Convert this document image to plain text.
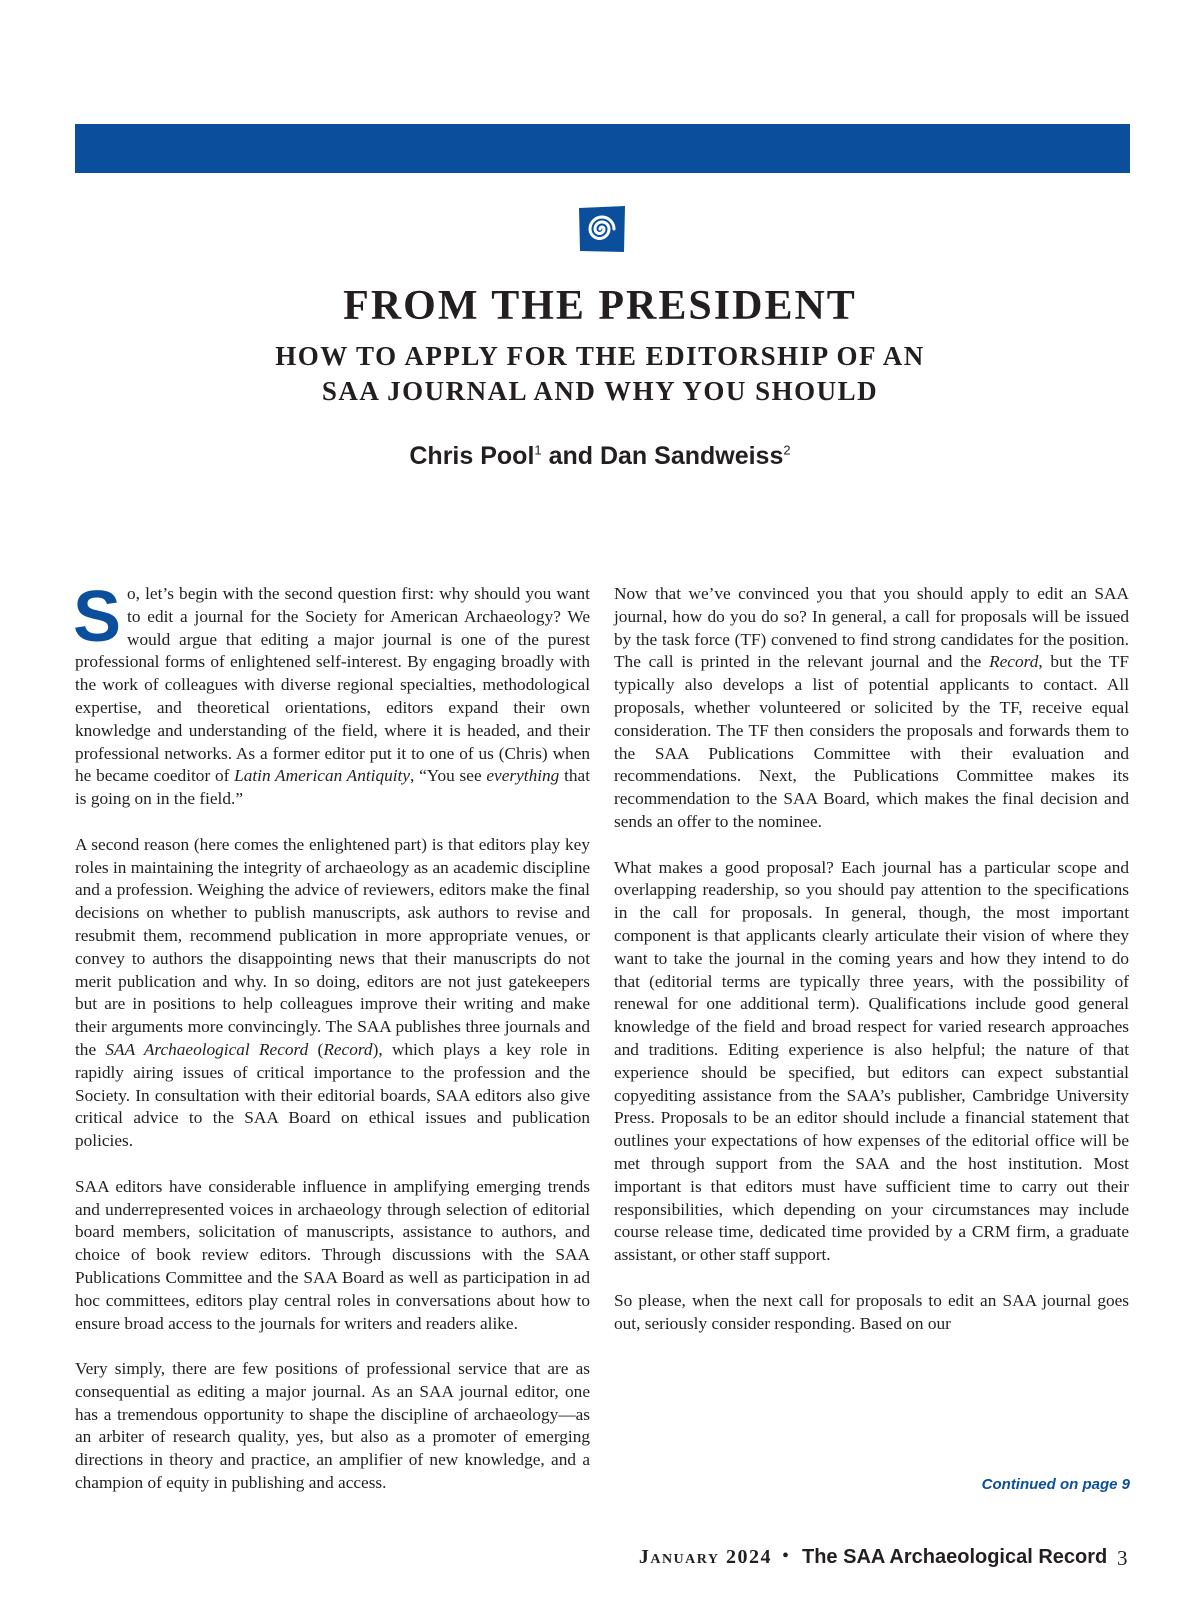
FROM THE PRESIDENT
HOW TO APPLY FOR THE EDITORSHIP OF AN
SAA JOURNAL AND WHY YOU SHOULD
Chris Pool$^1$ and Dan Sandweiss$^2$

So, let’s begin with the second question first: why should you want to edit a journal for the Society for American Archaeology? We would argue that editing a major journal is one of the purest professional forms of enlightened self-interest. By engaging broadly with the work of colleagues with diverse regional specialties, methodological expertise, and theoretical orientations, editors expand their own knowledge and understanding of the field, where it is headed, and their professional networks. As a former editor put it to one of us (Chris) when he became coeditor of Latin American Antiquity, “You see everything that is going on in the field.”

A second reason (here comes the enlightened part) is that editors play key roles in maintaining the integrity of archaeology as an academic discipline and a profession. Weighing the advice of reviewers, editors make the final decisions on whether to publish manuscripts, ask authors to revise and resubmit them, recommend publication in more appropriate venues, or convey to authors the disappointing news that their manuscripts do not merit publication and why. In so doing, editors are not just gatekeepers but are in positions to help colleagues improve their writing and make their arguments more convincingly. The SAA publishes three journals and the SAA Archaeological Record (Record), which plays a key role in rapidly airing issues of critical importance to the profession and the Society. In consultation with their editorial boards, SAA editors also give critical advice to the SAA Board on ethical issues and publication policies.

SAA editors have considerable influence in amplifying emerging trends and underrepresented voices in archaeology through selection of editorial board members, solicitation of manuscripts, assistance to authors, and choice of book review editors. Through discussions with the SAA Publications Committee and the SAA Board as well as participation in ad hoc committees, editors play central roles in conversations about how to ensure broad access to the journals for writers and readers alike.

Very simply, there are few positions of professional service that are as consequential as editing a major journal. As an SAA journal editor, one has a tremendous opportunity to shape the discipline of archaeology—as an arbiter of research quality, yes, but also as a promoter of emerging directions in theory and practice, an amplifier of new knowledge, and a champion of equity in publishing and access.

Now that we’ve convinced you that you should apply to edit an SAA journal, how do you do so? In general, a call for proposals will be issued by the task force (TF) convened to find strong candidates for the position. The call is printed in the relevant journal and the Record, but the TF typically also develops a list of potential applicants to contact. All proposals, whether volunteered or solicited by the TF, receive equal consideration. The TF then considers the proposals and forwards them to the SAA Publications Committee with their evaluation and recommendations. Next, the Publications Committee makes its recommendation to the SAA Board, which makes the final decision and sends an offer to the nominee.

What makes a good proposal? Each journal has a particular scope and overlapping readership, so you should pay attention to the specifications in the call for proposals. In general, though, the most important component is that applicants clearly articulate their vision of where they want to take the journal in the coming years and how they intend to do that (editorial terms are typically three years, with the possibility of renewal for one additional term). Qualifications include good general knowledge of the field and broad respect for varied research approaches and traditions. Editing experience is also helpful; the nature of that experience should be specified, but editors can expect substantial copyediting assistance from the SAA’s publisher, Cambridge University Press. Proposals to be an editor should include a financial statement that outlines your expectations of how expenses of the editorial office will be met through support from the SAA and the host institution. Most important is that editors must have sufficient time to carry out their responsibilities, which depending on your circumstances may include course release time, dedicated time provided by a CRM firm, a graduate assistant, or other staff support.

So please, when the next call for proposals to edit an SAA journal goes out, seriously consider responding. Based on our

Continued on page 9
January 2024 • The SAA Archaeological Record 3
